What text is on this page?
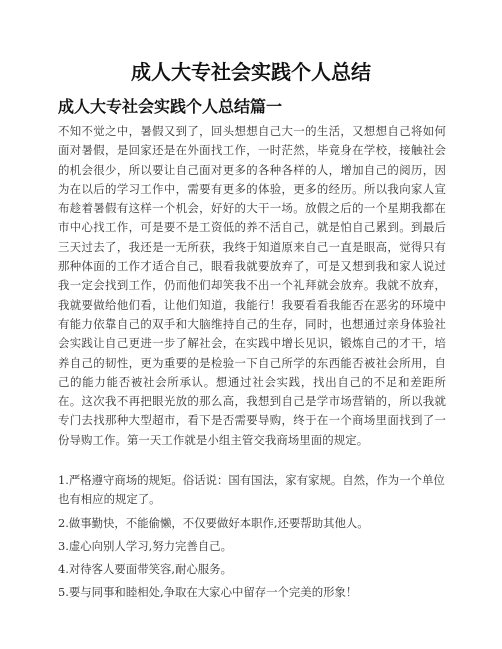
成人大专社会实践个人总结
成人大专社会实践个人总结篇一

不知不觉之中，暑假又到了，回头想想自己大一的生活，又想想自己将如何面对暑假，是回家还是在外面找工作，一时茫然，毕竟身在学校，接触社会的机会很少，所以要让自己面对更多的各种各样的人，增加自己的阅历，因为在以后的学习工作中，需要有更多的体验，更多的经历。所以我向家人宣布趁着暑假有这样一个机会，好好的大干一场。放假之后的一个星期我都在市中心找工作，可是要不是工资低的养不活自己，就是怕自己累到。到最后三天过去了，我还是一无所获，我终于知道原来自己一直是眼高，觉得只有那种体面的工作才适合自己，眼看我就要放弃了，可是又想到我和家人说过我一定会找到工作，仍而他们却笑我不出一个礼拜就会放弃。我就不放弃，我就要做给他们看，让他们知道，我能行！我要看看我能否在恶劣的环境中有能力依靠自己的双手和大脑维持自己的生存，同时，也想通过亲身体验社会实践让自己更进一步了解社会，在实践中增长见识，锻炼自己的才干，培养自己的韧性，更为重要的是检验一下自己所学的东西能否被社会所用，自己的能力能否被社会所承认。想通过社会实践，找出自己的不足和差距所在。这次我不再把眼光放的那么高，我想到自己是学市场营销的，所以我就专门去找那种大型超市，看下是否需要导购，终于在一个商场里面找到了一份导购工作。第一天工作就是小组主管交我商场里面的规定。

1.严格遵守商场的规矩。俗话说：国有国法，家有家规。自然，作为一个单位也有相应的规定了。
2.做事勤快，不能偷懒，不仅要做好本职作,还要帮助其他人。
3.虚心向别人学习,努力完善自己。
4.对待客人要面带笑容,耐心服务。
5.要与同事和睦相处,争取在大家心中留存一个完美的形象！
